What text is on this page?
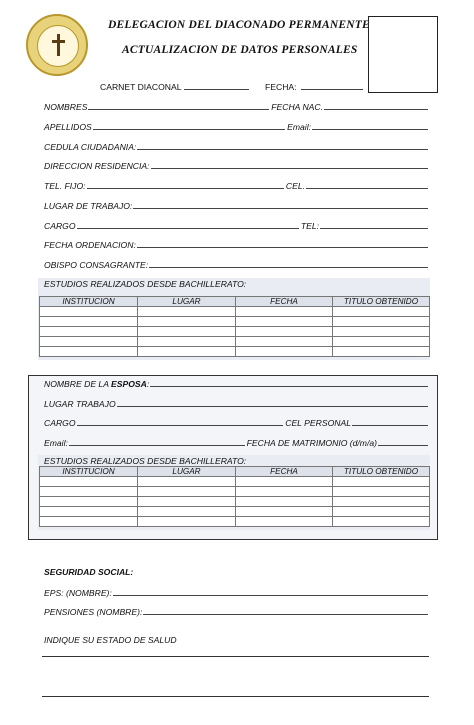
DELEGACION DEL DIACONADO PERMANENTE
ACTUALIZACION DE DATOS PERSONALES
CARNET DIACONAL	FECHA:
NOMBRES	FECHA NAC.
APELLIDOS	Email:
CEDULA CIUDADANIA:
DIRECCION RESIDENCIA:
TEL. FIJO:	CEL.
LUGAR DE TRABAJO:
CARGO	TEL:
FECHA ORDENACION:
OBISPO CONSAGRANTE:
ESTUDIOS REALIZADOS DESDE BACHILLERATO:
INSTITUCION	LUGAR	FECHA	TITULO OBTENIDO

NOMBRE DE LA ESPOSA:
LUGAR TRABAJO
CARGO	CEL PERSONAL
Email:	FECHA DE MATRIMONIO (d/m/a)
ESTUDIOS REALIZADOS DESDE BACHILLERATO:
INSTITUCION	LUGAR	FECHA	TITULO OBTENIDO

SEGURIDAD SOCIAL:
EPS: (NOMBRE):
PENSIONES (NOMBRE):
INDIQUE SU ESTADO DE SALUD
